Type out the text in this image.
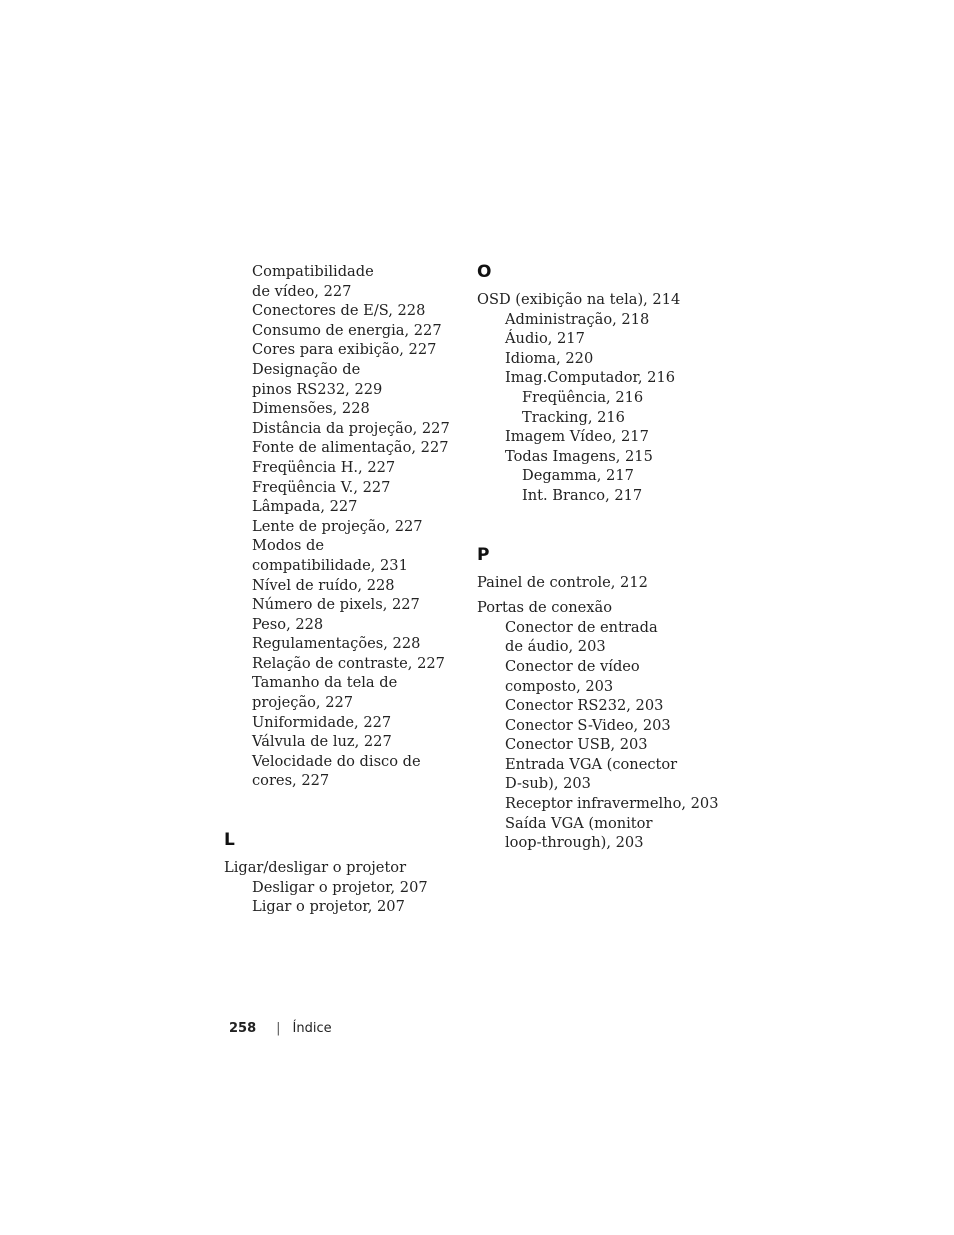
Compatibilidade
de vídeo, 227
Conectores de E/S, 228
Consumo de energia, 227
Cores para exibição, 227
Designação de
pinos RS232, 229
Dimensões, 228
Distância da projeção, 227
Fonte de alimentação, 227
Freqüência H., 227
Freqüência V., 227
Lâmpada, 227
Lente de projeção, 227
Modos de
compatibilidade, 231
Nível de ruído, 228
Número de pixels, 227
Peso, 228
Regulamentações, 228
Relação de contraste, 227
Tamanho da tela de
projeção, 227
Uniformidade, 227
Válvula de luz, 227
Velocidade do disco de
cores, 227
L
Ligar/desligar o projetor
Desligar o projetor, 207
Ligar o projetor, 207
O
OSD (exibição na tela), 214
Administração, 218
Áudio, 217
Idioma, 220
Imag.Computador, 216
Freqüência, 216
Tracking, 216
Imagem Vídeo, 217
Todas Imagens, 215
Degamma, 217
Int. Branco, 217
P
Painel de controle, 212
Portas de conexão
Conector de entrada
de áudio, 203
Conector de vídeo
composto, 203
Conector RS232, 203
Conector S-Video, 203
Conector USB, 203
Entrada VGA (conector
D-sub), 203
Receptor infravermelho, 203
Saída VGA (monitor
loop-through), 203
258 | Índice
